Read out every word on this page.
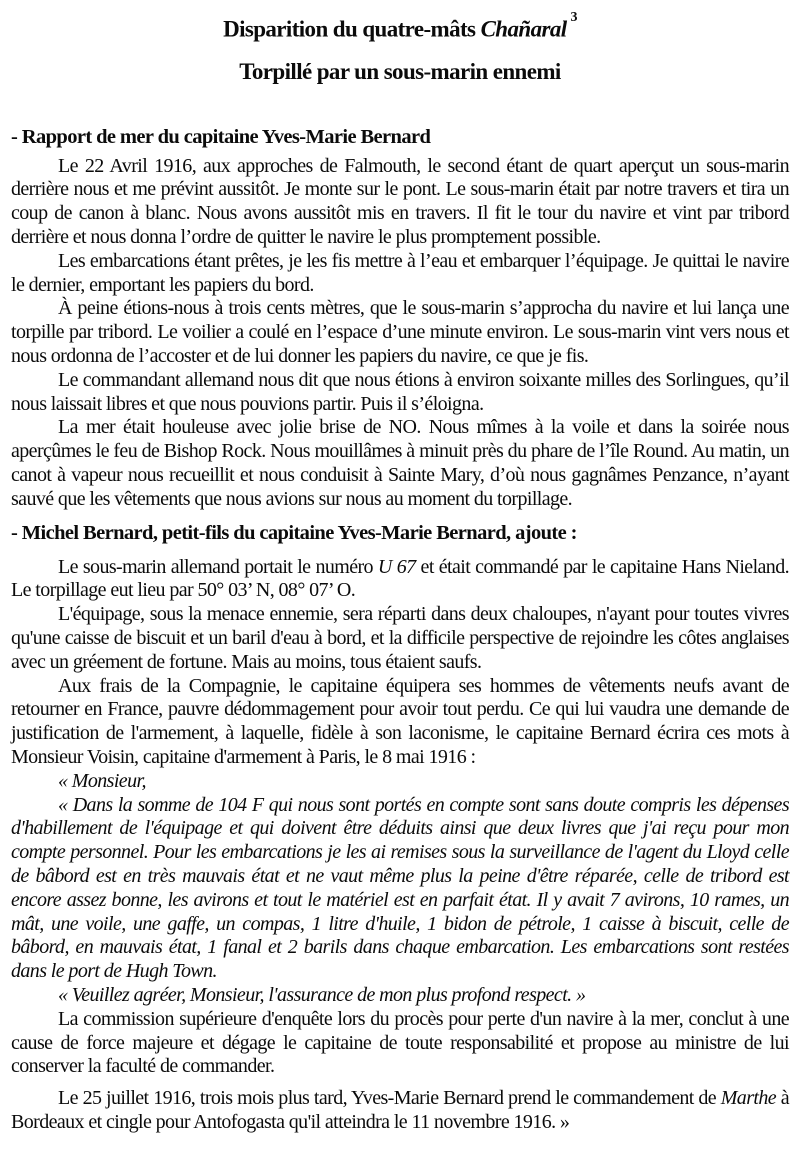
Disparition du quatre-mâts Chañaral $^3$
Torpillé par un sous-marin ennemi
- Rapport de mer du capitaine Yves-Marie Bernard

Le 22 Avril 1916, aux approches de Falmouth, le second étant de quart aperçut un sous-marin derrière nous et me prévint aussitôt. Je monte sur le pont. Le sous-marin était par notre travers et tira un coup de canon à blanc. Nous avons aussitôt mis en travers. Il fit le tour du navire et vint par tribord derrière et nous donna l’ordre de quitter le navire le plus promptement possible.

Les embarcations étant prêtes, je les fis mettre à l’eau et embarquer l’équipage. Je quittai le navire le dernier, emportant les papiers du bord.

À peine étions-nous à trois cents mètres, que le sous-marin s’approcha du navire et lui lança une torpille par tribord. Le voilier a coulé en l’espace d’une minute environ. Le sous-marin vint vers nous et nous ordonna de l’accoster et de lui donner les papiers du navire, ce que je fis.

Le commandant allemand nous dit que nous étions à environ soixante milles des Sorlingues, qu’il nous laissait libres et que nous pouvions partir. Puis il s’éloigna.

La mer était houleuse avec jolie brise de NO. Nous mîmes à la voile et dans la soirée nous aperçûmes le feu de Bishop Rock. Nous mouillâmes à minuit près du phare de l’île Round. Au matin, un canot à vapeur nous recueillit et nous conduisit à Sainte Mary, d’où nous gagnâmes Penzance, n’ayant sauvé que les vêtements que nous avions sur nous au moment du torpillage.

- Michel Bernard, petit-fils du capitaine Yves-Marie Bernard, ajoute :

Le sous-marin allemand portait le numéro U 67 et était commandé par le capitaine Hans Nieland. Le torpillage eut lieu par 50° 03’ N, 08° 07’ O.

L'équipage, sous la menace ennemie, sera réparti dans deux chaloupes, n'ayant pour toutes vivres qu'une caisse de biscuit et un baril d'eau à bord, et la difficile perspective de rejoindre les côtes anglaises avec un gréement de fortune. Mais au moins, tous étaient saufs.

Aux frais de la Compagnie, le capitaine équipera ses hommes de vêtements neufs avant de retourner en France, pauvre dédommagement pour avoir tout perdu. Ce qui lui vaudra une demande de justification de l'armement, à laquelle, fidèle à son laconisme, le capitaine Bernard écrira ces mots à Monsieur Voisin, capitaine d'armement à Paris, le 8 mai 1916 :

« Monsieur,

« Dans la somme de 104 F qui nous sont portés en compte sont sans doute compris les dépenses d'habillement de l'équipage et qui doivent être déduits ainsi que deux livres que j'ai reçu pour mon compte personnel. Pour les embarcations je les ai remises sous la surveillance de l'agent du Lloyd celle de bâbord est en très mauvais état et ne vaut même plus la peine d'être réparée, celle de tribord est encore assez bonne, les avirons et tout le matériel est en parfait état. Il y avait 7 avirons, 10 rames, un mât, une voile, une gaffe, un compas, 1 litre d'huile, 1 bidon de pétrole, 1 caisse à biscuit, celle de bâbord, en mauvais état, 1 fanal et 2 barils dans chaque embarcation. Les embarcations sont restées dans le port de Hugh Town.

« Veuillez agréer, Monsieur, l'assurance de mon plus profond respect. »

La commission supérieure d'enquête lors du procès pour perte d'un navire à la mer, conclut à une cause de force majeure et dégage le capitaine de toute responsabilité et propose au ministre de lui conserver la faculté de commander.

Le 25 juillet 1916, trois mois plus tard, Yves-Marie Bernard prend le commandement de Marthe à Bordeaux et cingle pour Antofogasta qu'il atteindra le 11 novembre 1916. »
